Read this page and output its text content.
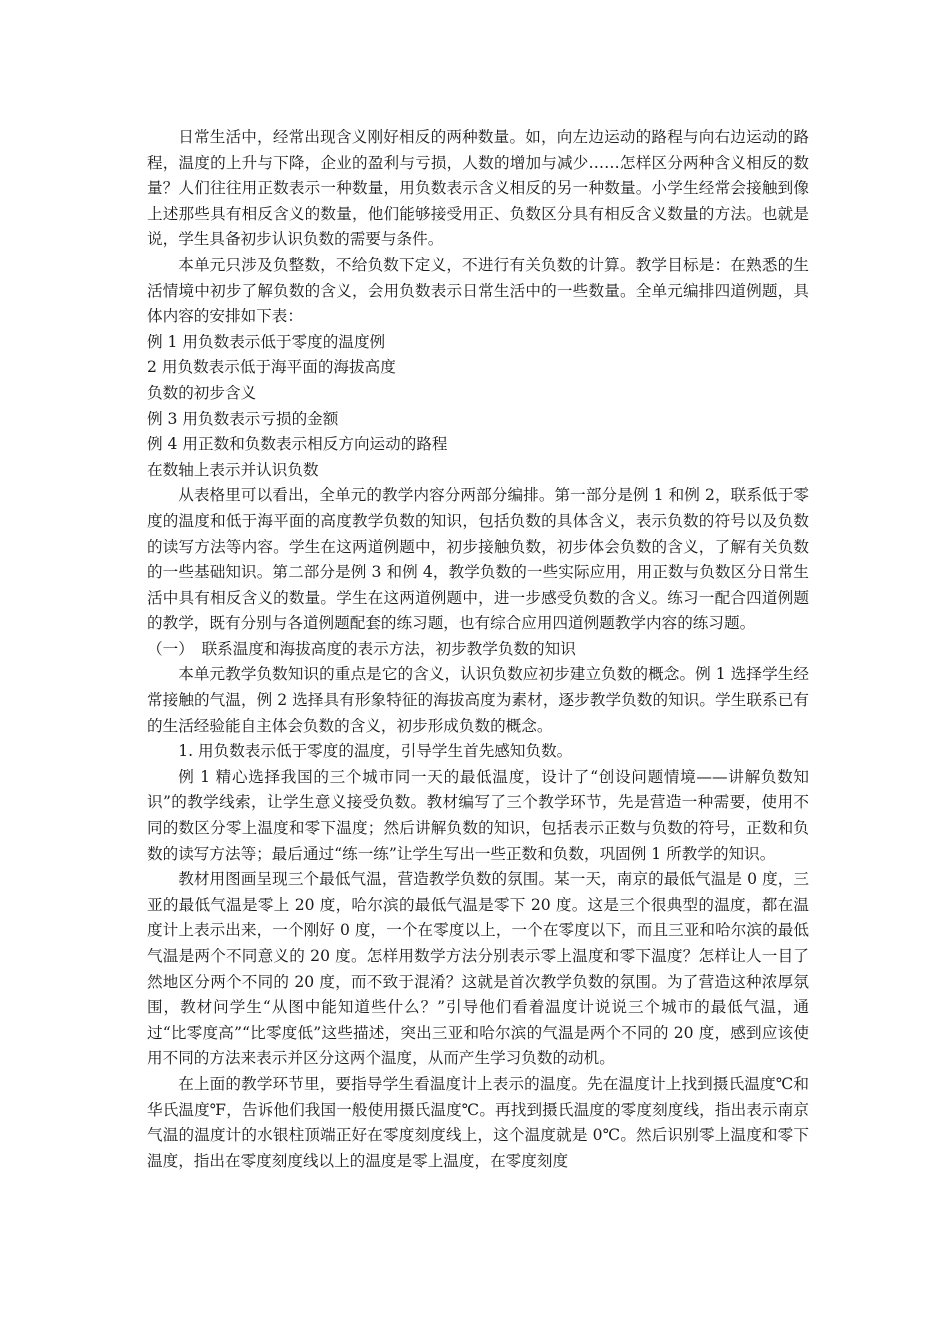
日常生活中，经常出现含义刚好相反的两种数量。如，向左边运动的路程与向右边运动的路程，温度的上升与下降，企业的盈利与亏损，人数的增加与减少……怎样区分两种含义相反的数量？人们往往用正数表示一种数量，用负数表示含义相反的另一种数量。小学生经常会接触到像上述那些具有相反含义的数量，他们能够接受用正、负数区分具有相反含义数量的方法。也就是说，学生具备初步认识负数的需要与条件。

本单元只涉及负整数，不给负数下定义，不进行有关负数的计算。教学目标是：在熟悉的生活情境中初步了解负数的含义，会用负数表示日常生活中的一些数量。全单元编排四道例题，具体内容的安排如下表：

例 1 用负数表示低于零度的温度例

2 用负数表示低于海平面的海拔高度

负数的初步含义

例 3 用负数表示亏损的金额

例 4 用正数和负数表示相反方向运动的路程

在数轴上表示并认识负数

从表格里可以看出，全单元的教学内容分两部分编排。第一部分是例 1 和例 2，联系低于零度的温度和低于海平面的高度教学负数的知识，包括负数的具体含义，表示负数的符号以及负数的读写方法等内容。学生在这两道例题中，初步接触负数，初步体会负数的含义，了解有关负数的一些基础知识。第二部分是例 3 和例 4，教学负数的一些实际应用，用正数与负数区分日常生活中具有相反含义的数量。学生在这两道例题中，进一步感受负数的含义。练习一配合四道例题的教学，既有分别与各道例题配套的练习题，也有综合应用四道例题教学内容的练习题。

（一）　联系温度和海拔高度的表示方法，初步教学负数的知识

本单元教学负数知识的重点是它的含义，认识负数应初步建立负数的概念。例 1 选择学生经常接触的气温，例 2 选择具有形象特征的海拔高度为素材，逐步教学负数的知识。学生联系已有的生活经验能自主体会负数的含义，初步形成负数的概念。

1. 用负数表示低于零度的温度，引导学生首先感知负数。

例 1 精心选择我国的三个城市同一天的最低温度，设计了“创设问题情境——讲解负数知识”的教学线索，让学生意义接受负数。教材编写了三个教学环节，先是营造一种需要，使用不同的数区分零上温度和零下温度；然后讲解负数的知识，包括表示正数与负数的符号，正数和负数的读写方法等；最后通过“练一练”让学生写出一些正数和负数，巩固例 1 所教学的知识。

教材用图画呈现三个最低气温，营造教学负数的氛围。某一天，南京的最低气温是 0 度，三亚的最低气温是零上 20 度，哈尔滨的最低气温是零下 20 度。这是三个很典型的温度，都在温度计上表示出来，一个刚好 0 度，一个在零度以上，一个在零度以下，而且三亚和哈尔滨的最低气温是两个不同意义的 20 度。怎样用数学方法分别表示零上温度和零下温度？怎样让人一目了然地区分两个不同的 20 度，而不致于混淆？这就是首次教学负数的氛围。为了营造这种浓厚氛围，教材问学生“从图中能知道些什么？”引导他们看着温度计说说三个城市的最低气温，通过“比零度高”“比零度低”这些描述，突出三亚和哈尔滨的气温是两个不同的 20 度，感到应该使用不同的方法来表示并区分这两个温度，从而产生学习负数的动机。

在上面的教学环节里，要指导学生看温度计上表示的温度。先在温度计上找到摄氏温度℃和华氏温度℉，告诉他们我国一般使用摄氏温度℃。再找到摄氏温度的零度刻度线，指出表示南京气温的温度计的水银柱顶端正好在零度刻度线上，这个温度就是 0℃。然后识别零上温度和零下温度，指出在零度刻度线以上的温度是零上温度，在零度刻度
